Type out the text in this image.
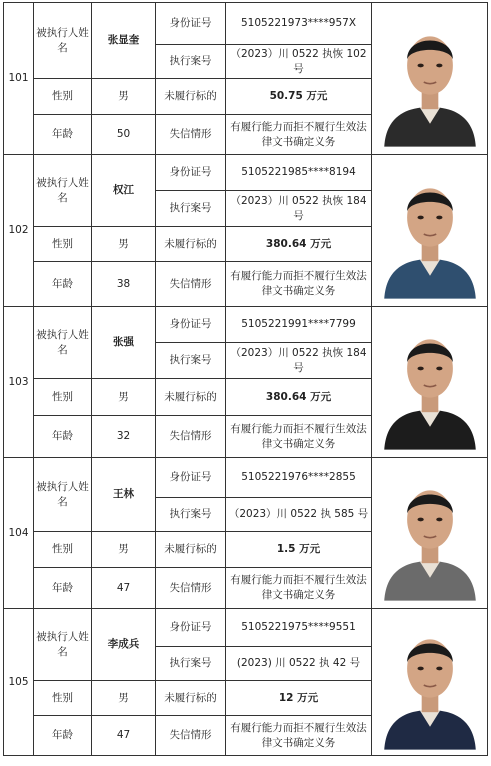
101	被执行人姓名	张显奎	身份证号	5105221973****957X	

			执行案号	（2023）川 0522 执恢 102 号	
	性别	男	未履行标的	50.75 万元	
	年龄	50	失信情形	有履行能力而拒不履行生效法律文书确定义务	
102	被执行人姓名	权江	身份证号	5105221985****8194	

			执行案号	（2023）川 0522 执恢 184 号	
	性别	男	未履行标的	380.64 万元	
	年龄	38	失信情形	有履行能力而拒不履行生效法律文书确定义务	
103	被执行人姓名	张强	身份证号	5105221991****7799	

			执行案号	（2023）川 0522 执恢 184 号	
	性别	男	未履行标的	380.64 万元	
	年龄	32	失信情形	有履行能力而拒不履行生效法律文书确定义务	
104	被执行人姓名	王林	身份证号	5105221976****2855	

			执行案号	（2023）川 0522 执 585 号	
	性别	男	未履行标的	1.5 万元	
	年龄	47	失信情形	有履行能力而拒不履行生效法律文书确定义务	
105	被执行人姓名	李成兵	身份证号	5105221975****9551	

			执行案号	(2023) 川 0522 执 42 号	
	性别	男	未履行标的	12 万元	
	年龄	47	失信情形	有履行能力而拒不履行生效法律文书确定义务	
